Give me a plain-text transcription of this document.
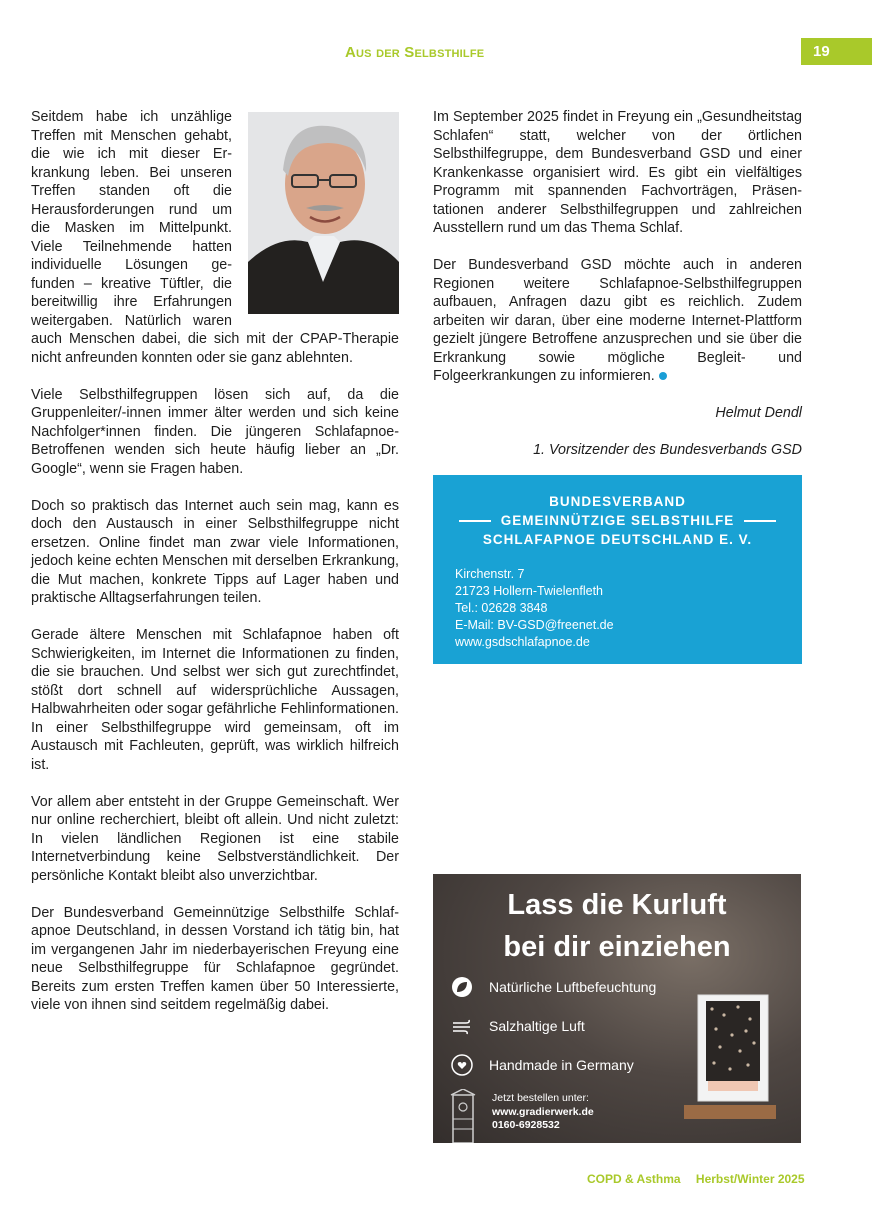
Aus der Selbsthilfe	19

Seitdem habe ich unzählige Treffen mit Menschen gehabt, die wie ich mit dieser Erkrankung leben. Bei unseren Treffen standen oft die Herausforderungen rund um die Masken im Mittelpunkt. Viele Teilnehmende hatten individuelle Lösungen gefunden – kreative Tüftler, die bereitwillig ihre Erfahrungen weitergaben. Natürlich waren auch Menschen dabei, die sich mit der CPAP-Therapie nicht anfreunden konnten oder sie ganz ablehnten.

Viele Selbsthilfegruppen lösen sich auf, da die Gruppenleiter/-innen immer älter werden und sich keine Nachfolger*innen finden. Die jüngeren Schlafapnoe-Betroffenen wenden sich heute häufig lieber an „Dr. Google“, wenn sie Fragen haben.

Doch so praktisch das Internet auch sein mag, kann es doch den Austausch in einer Selbsthilfegruppe nicht ersetzen. Online findet man zwar viele Informationen, jedoch keine echten Menschen mit derselben Erkrankung, die Mut machen, konkrete Tipps auf Lager haben und praktische Alltagserfahrungen teilen.

Gerade ältere Menschen mit Schlafapnoe haben oft Schwierigkeiten, im Internet die Informationen zu finden, die sie brauchen. Und selbst wer sich gut zurechtfindet, stößt dort schnell auf widersprüchliche Aussagen, Halbwahrheiten oder sogar gefährliche Fehlinformationen. In einer Selbsthilfegruppe wird gemeinsam, oft im Austausch mit Fachleuten, geprüft, was wirklich hilfreich ist.

Vor allem aber entsteht in der Gruppe Gemeinschaft. Wer nur online recherchiert, bleibt oft allein. Und nicht zuletzt: In vielen ländlichen Regionen ist eine stabile Internetverbindung keine Selbstverständlichkeit. Der persönliche Kontakt bleibt also unverzichtbar.

Der Bundesverband Gemeinnützige Selbsthilfe Schlafapnoe Deutschland, in dessen Vorstand ich tätig bin, hat im vergangenen Jahr im niederbayerischen Freyung eine neue Selbsthilfegruppe für Schlafapnoe gegründet. Bereits zum ersten Treffen kamen über 50 Interessierte, viele von ihnen sind seitdem regelmäßig dabei.

Im September 2025 findet in Freyung ein „Gesundheitstag Schlafen“ statt, welcher von der örtlichen Selbsthilfegruppe, dem Bundesverband GSD und einer Krankenkasse organisiert wird. Es gibt ein vielfältiges Programm mit spannenden Fachvorträgen, Präsentationen anderer Selbsthilfegruppen und zahlreichen Ausstellern rund um das Thema Schlaf.

Der Bundesverband GSD möchte auch in anderen Regionen weitere Schlafapnoe-Selbsthilfegruppen aufbauen, Anfragen dazu gibt es reichlich. Zudem arbeiten wir daran, über eine moderne Internet-Plattform gezielt jüngere Betroffene anzusprechen und sie über die Erkrankung sowie mögliche Begleit- und Folgeerkrankungen zu informieren.

Helmut Dendl

1. Vorsitzender des Bundesverbands GSD

BUNDESVERBAND
GEMEINNÜTZIGE SELBSTHILFE
SCHLAFAPNOE DEUTSCHLAND E. V.
Kirchenstr. 7
21723 Hollern-Twielenfleth
Tel.: 02628 3848
E-Mail: BV-GSD@freenet.de
www.gsdschlafapnoe.de
Lass die Kurluft
bei dir einziehen
Natürliche Luftbefeuchtung
Salzhaltige Luft
Handmade in Germany
Jetzt bestellen unter:
www.gradierwerk.de
0160-6928532
COPD & Asthma Herbst/Winter 2025
